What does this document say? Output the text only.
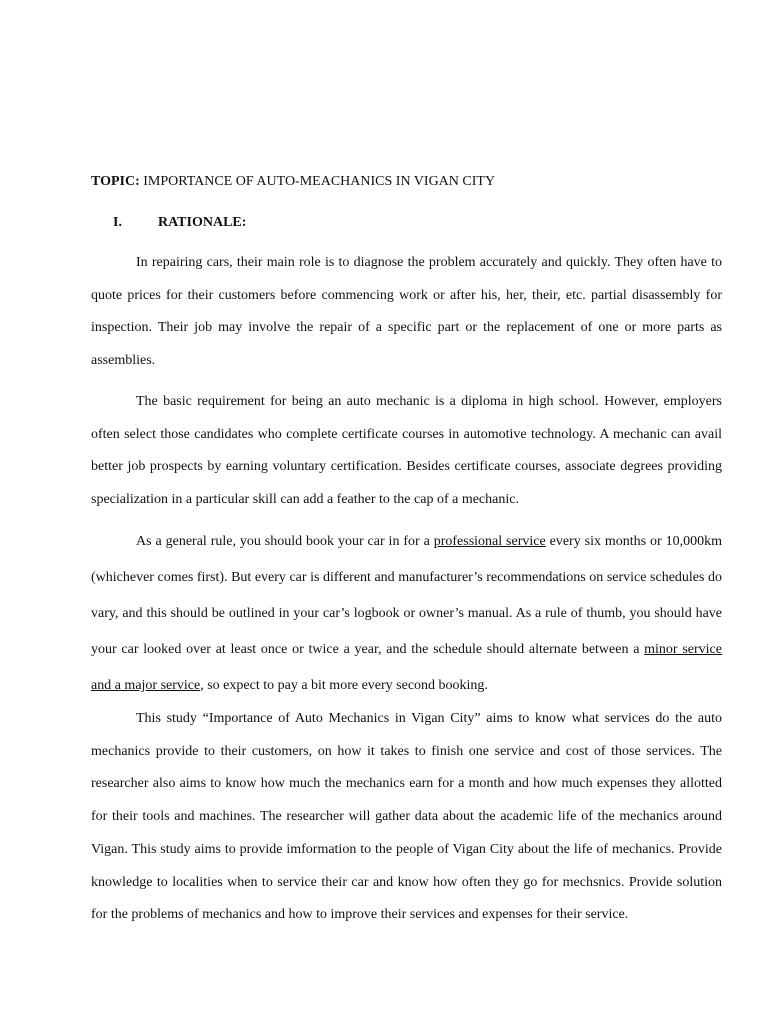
TOPIC: IMPORTANCE OF AUTO-MEACHANICS IN VIGAN CITY
I.	RATIONALE:

In repairing cars, their main role is to diagnose the problem accurately and quickly. They often have to quote prices for their customers before commencing work or after his, her, their, etc. partial disassembly for inspection. Their job may involve the repair of a specific part or the replacement of one or more parts as assemblies.

The basic requirement for being an auto mechanic is a diploma in high school. However, employers often select those candidates who complete certificate courses in automotive technology. A mechanic can avail better job prospects by earning voluntary certification. Besides certificate courses, associate degrees providing specialization in a particular skill can add a feather to the cap of a mechanic.

As a general rule, you should book your car in for a professional service every six months or 10,000km (whichever comes first). But every car is different and manufacturer’s recommendations on service schedules do vary, and this should be outlined in your car’s logbook or owner’s manual. As a rule of thumb, you should have your car looked over at least once or twice a year, and the schedule should alternate between a minor service and a major service, so expect to pay a bit more every second booking.

This study “Importance of Auto Mechanics in Vigan City” aims to know what services do the auto mechanics provide to their customers, on how it takes to finish one service and cost of those services. The researcher also aims to know how much the mechanics earn for a month and how much expenses they allotted for their tools and machines. The researcher will gather data about the academic life of the mechanics around Vigan. This study aims to provide imformation to the people of Vigan City about the life of mechanics. Provide knowledge to localities when to service their car and know how often they go for mechsnics. Provide solution for the problems of mechanics and how to improve their services and expenses for their service.
